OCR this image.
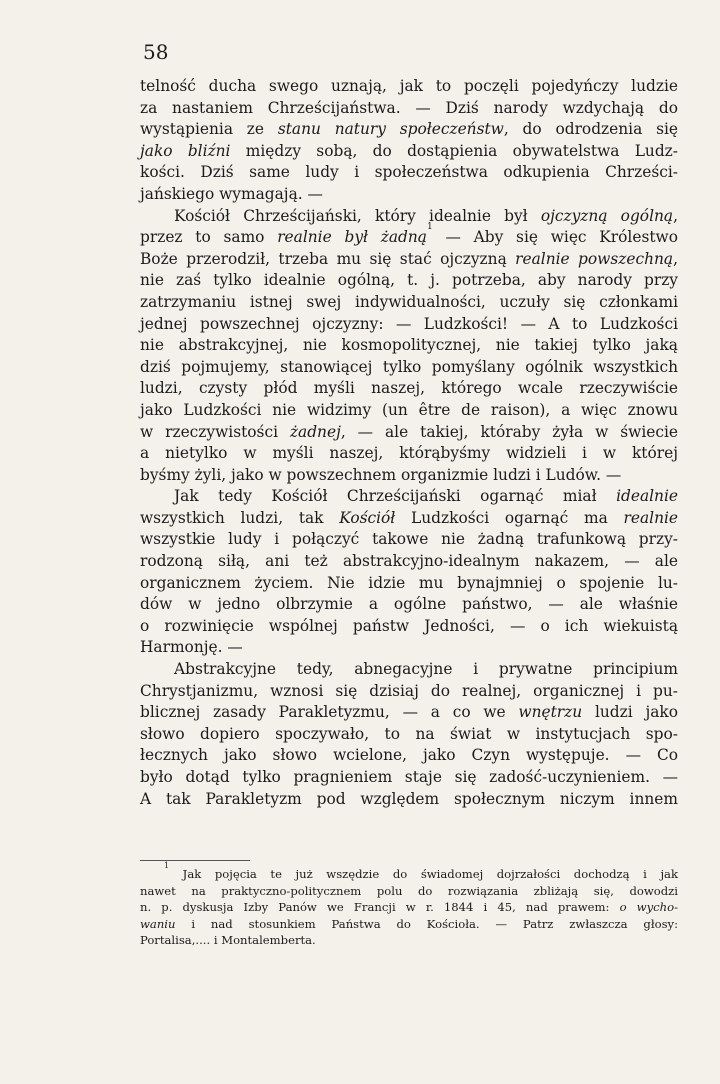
58
telność ducha swego uznają, jak to poczęli pojedyńczy ludzie
za nastaniem Chrześcijaństwa. — Dziś narody wzdychają do
wystąpienia ze stanu natury społeczeństw, do odrodzenia się
jako bliźni między sobą, do dostąpienia obywatelstwa Ludz-
kości. Dziś same ludy i społeczeństwa odkupienia Chrześci-
jańskiego wymagają. —
Kościół Chrześcijański, który idealnie był ojczyzną ogólną,
przez to samo realnie był żadną$^1$ — Aby się więc Królestwo
Boże przerodził, trzeba mu się stać ojczyzną realnie powszechną,
nie zaś tylko idealnie ogólną, t. j. potrzeba, aby narody przy
zatrzymaniu istnej swej indywidualności, uczuły się członkami
jednej powszechnej ojczyzny: — Ludzkości! — A to Ludzkości
nie abstrakcyjnej, nie kosmopolitycznej, nie takiej tylko jaką
dziś pojmujemy, stanowiącej tylko pomyślany ogólnik wszystkich
ludzi, czysty płód myśli naszej, którego wcale rzeczywiście
jako Ludzkości nie widzimy (un être de raison), a więc znowu
w rzeczywistości żadnej, — ale takiej, któraby żyła w świecie
a nietylko w myśli naszej, którąbyśmy widzieli i w której
byśmy żyli, jako w powszechnem organizmie ludzi i Ludów. —
Jak tedy Kościół Chrześcijański ogarnąć miał idealnie
wszystkich ludzi, tak Kościół Ludzkości ogarnąć ma realnie
wszystkie ludy i połączyć takowe nie żadną trafunkową przy-
rodzoną siłą, ani też abstrakcyjno-idealnym nakazem, — ale
organicznem życiem. Nie idzie mu bynajmniej o spojenie lu-
dów w jedno olbrzymie a ogólne państwo, — ale właśnie
o rozwinięcie wspólnej państw Jedności, — o ich wiekuistą
Harmonję. —
Abstrakcyjne tedy, abnegacyjne i prywatne principium
Chrystjanizmu, wznosi się dzisiaj do realnej, organicznej i pu-
blicznej zasady Parakletyzmu, — a co we wnętrzu ludzi jako
słowo dopiero spoczywało, to na świat w instytucjach spo-
łecznych jako słowo wcielone, jako Czyn występuje. — Co
było dotąd tylko pragnieniem staje się zadość-uczynieniem. —
A tak Parakletyzm pod względem społecznym niczym innem
$^1$ Jak pojęcia te już wszędzie do świadomej dojrzałości dochodzą i jak
nawet na praktyczno-politycznem polu do rozwiązania zbliżają się, dowodzi
n. p. dyskusja Izby Panów we Francji w r. 1844 i 45, nad prawem: o wycho-
waniu i nad stosunkiem Państwa do Kościoła. — Patrz zwłaszcza głosy:
Portalisa,.... i Montalemberta.
